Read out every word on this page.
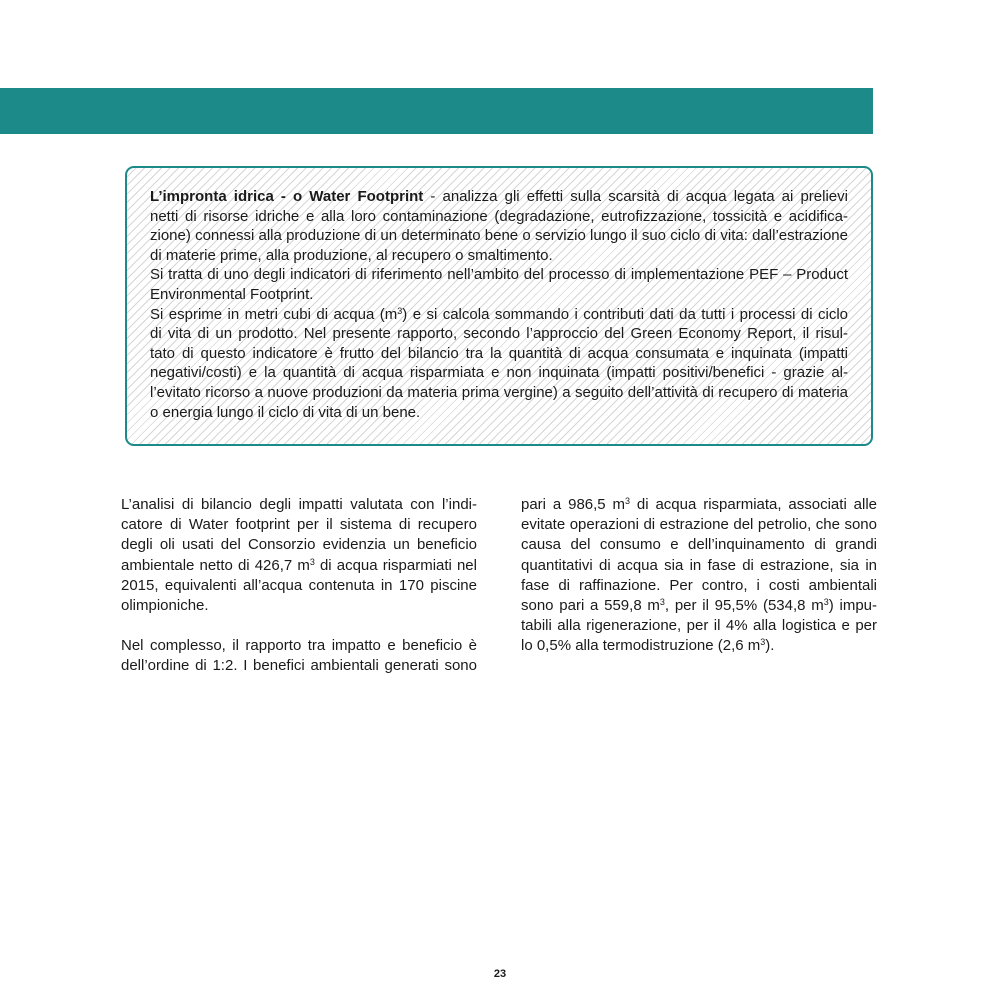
L’impronta idrica - o Water Footprint - analizza gli effetti sulla scarsità di acqua legata ai prelievi
netti di risorse idriche e alla loro contaminazione (degradazione, eutrofizzazione, tossicità e acidifica-
zione) connessi alla produzione di un determinato bene o servizio lungo il suo ciclo di vita: dall’estrazione
di materie prime, alla produzione, al recupero o smaltimento.
Si tratta di uno degli indicatori di riferimento nell’ambito del processo di implementazione PEF – Product
Environmental Footprint.
Si esprime in metri cubi di acqua $(m^3)$ e si calcola sommando i contributi dati da tutti i processi di ciclo
di vita di un prodotto. Nel presente rapporto, secondo l’approccio del Green Economy Report, il risul-
tato di questo indicatore è frutto del bilancio tra la quantità di acqua consumata e inquinata (impatti
negativi/costi) e la quantità di acqua risparmiata e non inquinata (impatti positivi/benefici - grazie al-
l’evitato ricorso a nuove produzioni da materia prima vergine) a seguito dell’attività di recupero di materia
o energia lungo il ciclo di vita di un bene.

L’analisi di bilancio degli impatti valutata con l’indi-
catore di Water footprint per il sistema di recupero
degli oli usati del Consorzio evidenzia un beneficio
ambientale netto di 426,7 $m^3$ di acqua risparmiati nel
2015, equivalenti all’acqua contenuta in 170 piscine
olimpioniche.
Nel complesso, il rapporto tra impatto e beneficio è
dell’ordine di 1:2. I benefici ambientali generati sono
pari a 986,5 $m^3$ di acqua risparmiata, associati alle
evitate operazioni di estrazione del petrolio, che sono
causa del consumo e dell’inquinamento di grandi
quantitativi di acqua sia in fase di estrazione, sia in
fase di raffinazione. Per contro, i costi ambientali
sono pari a 559,8 $m^3$, per il 95,5% (534,8 $m^3$) impu-
tabili alla rigenerazione, per il 4% alla logistica e per
lo 0,5% alla termodistruzione (2,6 $m^3$).
23
